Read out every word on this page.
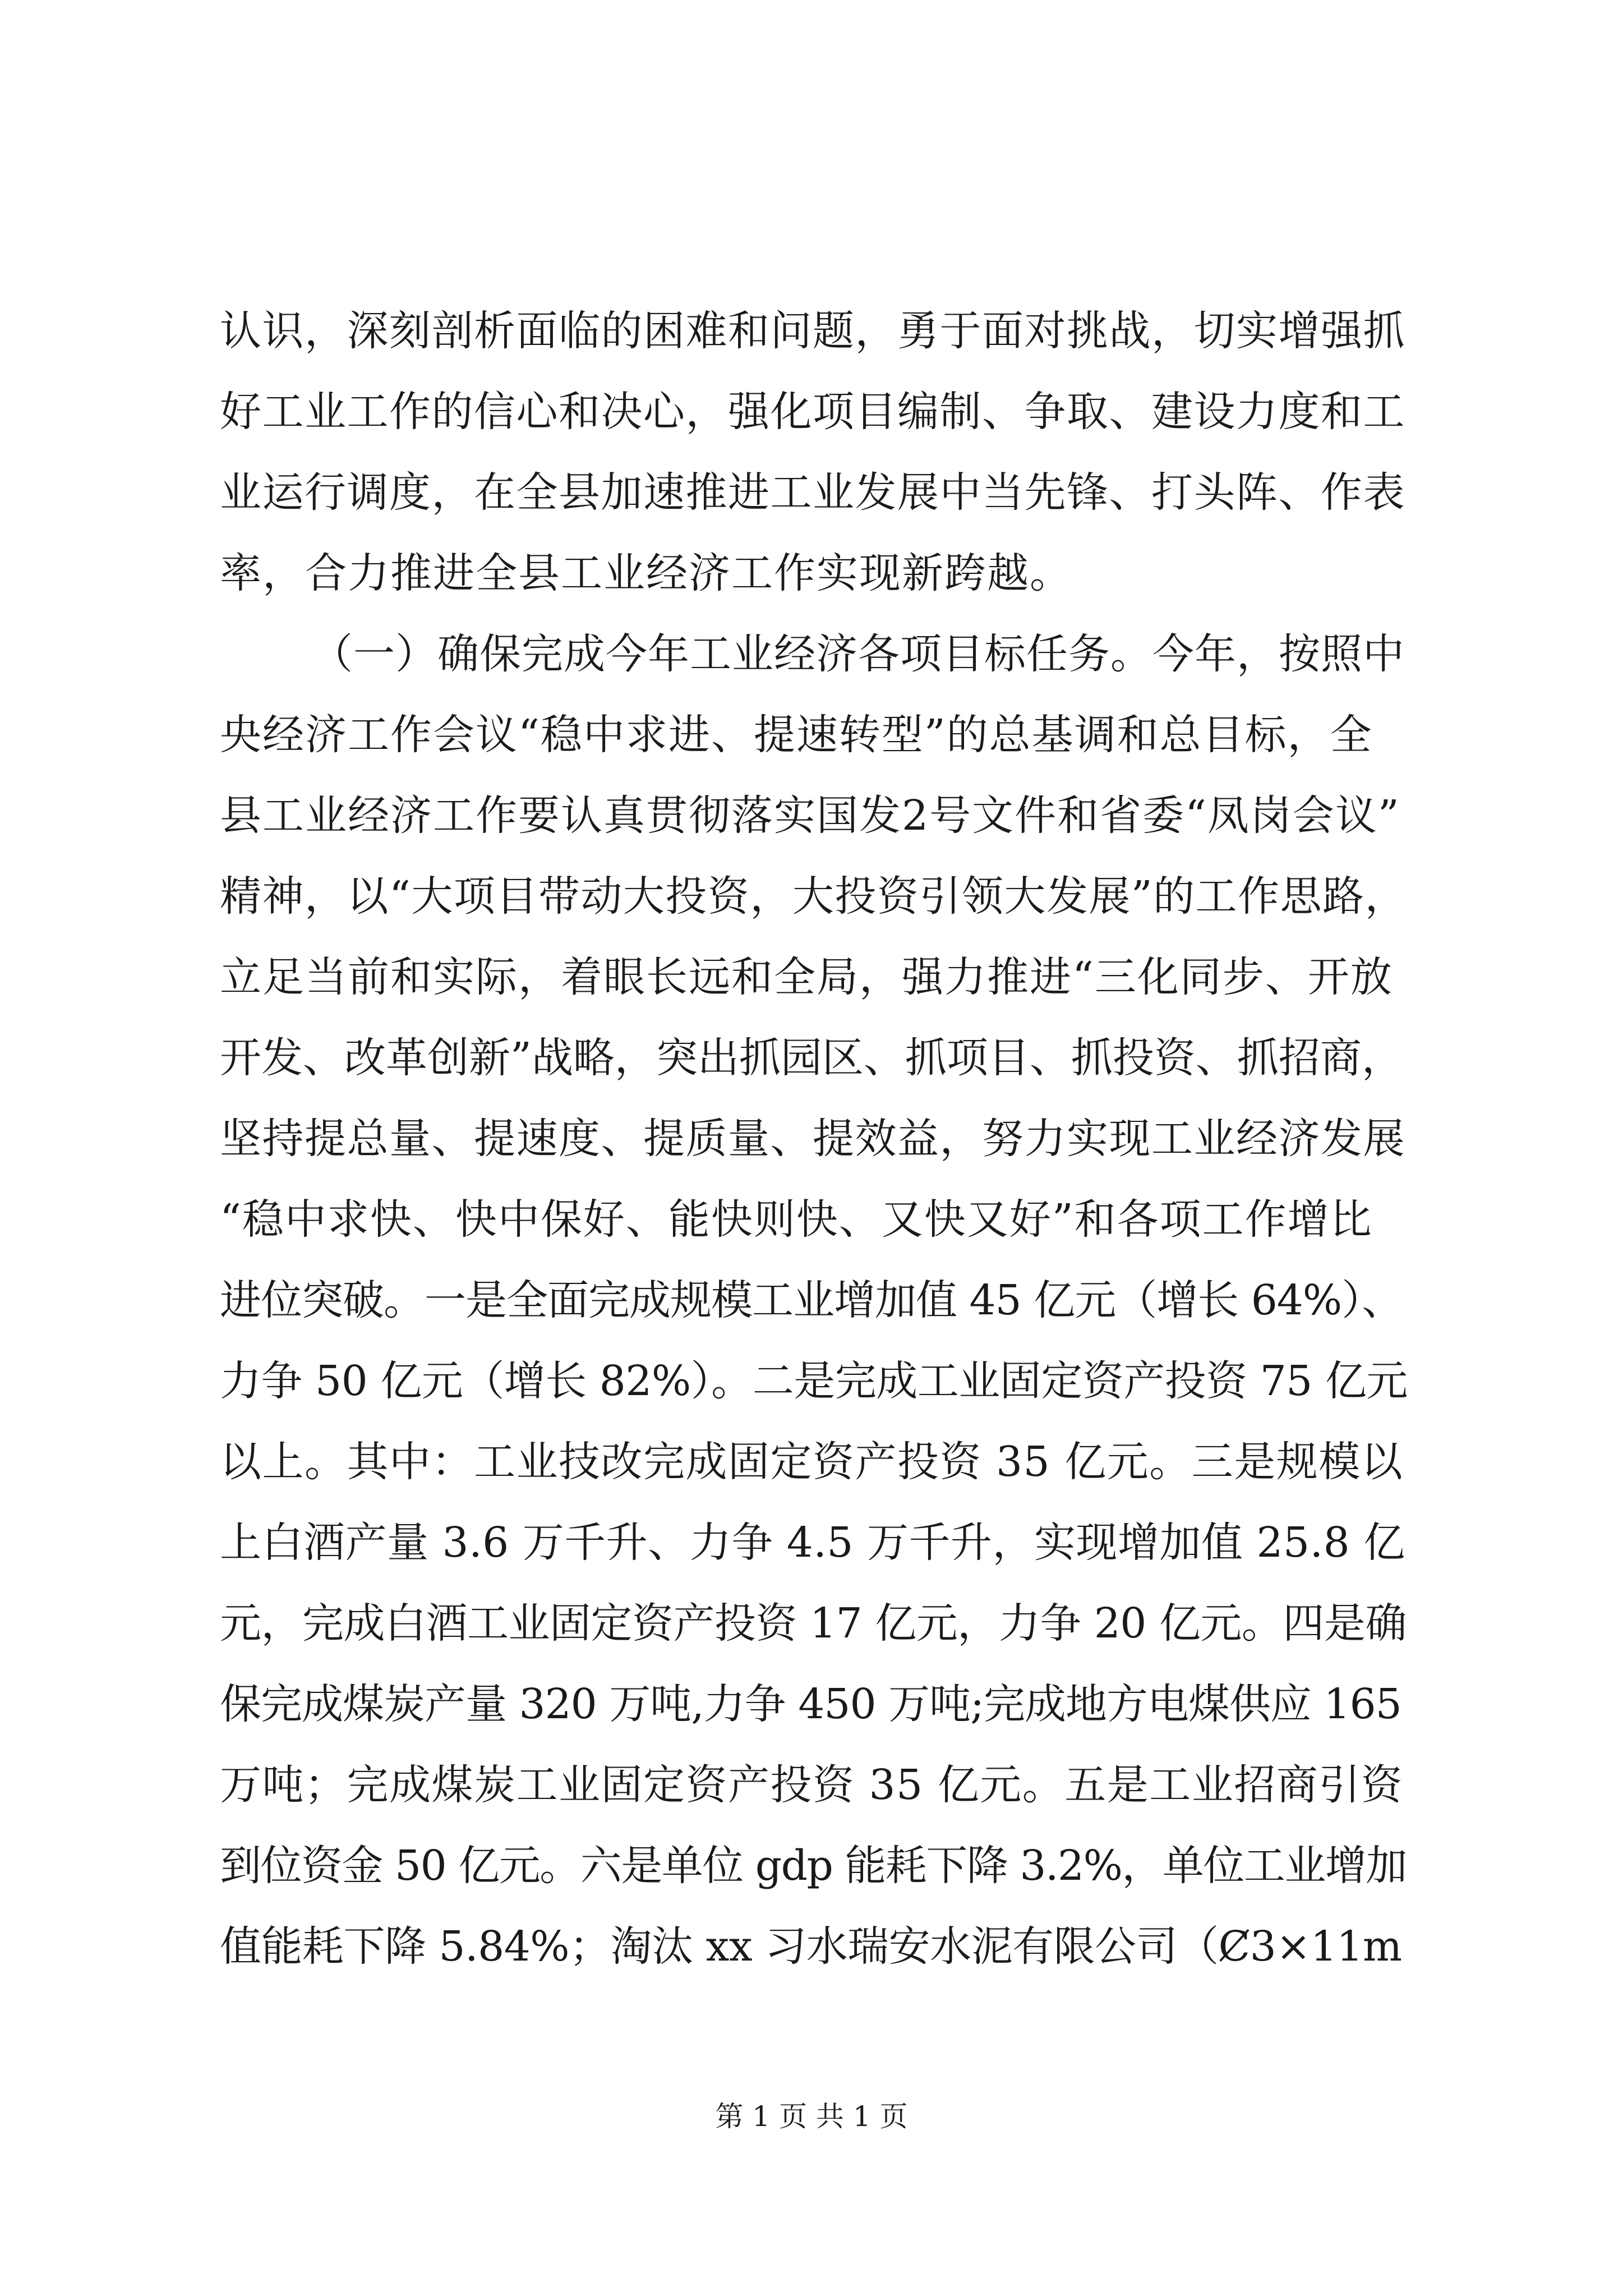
认识，深刻剖析面临的困难和问题，勇于面对挑战，切实增强抓
好工业工作的信心和决心，强化项目编制、争取、建设力度和工
业运行调度，在全县加速推进工业发展中当先锋、打头阵、作表
率，合力推进全县工业经济工作实现新跨越。
（一）确保完成今年工业经济各项目标任务。今年，按照中
央经济工作会议“稳中求进、提速转型”的总基调和总目标，全
县工业经济工作要认真贯彻落实国发2号文件和省委“凤岗会议”
精神，以“大项目带动大投资，大投资引领大发展”的工作思路，
立足当前和实际，着眼长远和全局，强力推进“三化同步、开放
开发、改革创新”战略，突出抓园区、抓项目、抓投资、抓招商，
坚持提总量、提速度、提质量、提效益，努力实现工业经济发展
“稳中求快、快中保好、能快则快、又快又好”和各项工作增比
进位突破。一是全面完成规模工业增加值 45 亿元（增长 64%）、
力争 50 亿元（增长 82%）。二是完成工业固定资产投资 75 亿元
以上。其中：工业技改完成固定资产投资 35 亿元。三是规模以
上白酒产量 3.6 万千升、力争 4.5 万千升，实现增加值 25.8 亿
元，完成白酒工业固定资产投资 17 亿元，力争 20 亿元。四是确
保完成煤炭产量 320 万吨,力争 450 万吨;完成地方电煤供应 165
万吨；完成煤炭工业固定资产投资 35 亿元。五是工业招商引资
到位资金 50 亿元。六是单位 gdp 能耗下降 3.2%，单位工业增加
值能耗下降 5.84%；淘汰 xx 习水瑞安水泥有限公司（Ȼ3×11m
第 1 页 共 1 页
